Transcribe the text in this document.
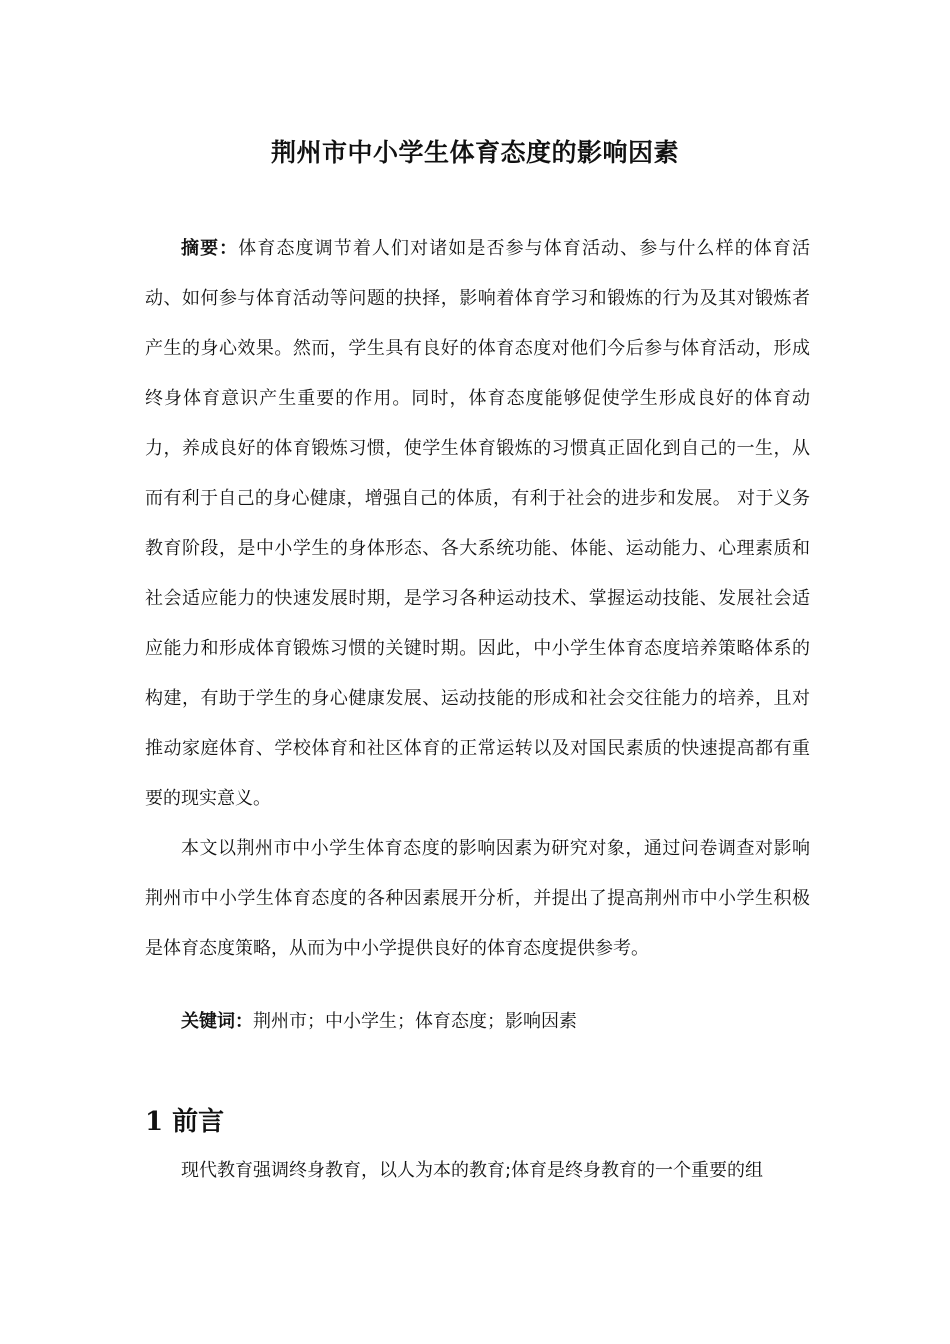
荆州市中小学生体育态度的影响因素

摘要：体育态度调节着人们对诸如是否参与体育活动、参与什么样的体育活动、如何参与体育活动等问题的抉择，影响着体育学习和锻炼的行为及其对锻炼者产生的身心效果。然而，学生具有良好的体育态度对他们今后参与体育活动，形成终身体育意识产生重要的作用。同时，体育态度能够促使学生形成良好的体育动力，养成良好的体育锻炼习惯，使学生体育锻炼的习惯真正固化到自己的一生，从而有利于自己的身心健康，增强自己的体质，有利于社会的进步和发展。 对于义务教育阶段，是中小学生的身体形态、各大系统功能、体能、运动能力、心理素质和社会适应能力的快速发展时期，是学习各种运动技术、掌握运动技能、发展社会适应能力和形成体育锻炼习惯的关键时期。因此，中小学生体育态度培养策略体系的构建，有助于学生的身心健康发展、运动技能的形成和社会交往能力的培养，且对推动家庭体育、学校体育和社区体育的正常运转以及对国民素质的快速提高都有重要的现实意义。

本文以荆州市中小学生体育态度的影响因素为研究对象，通过问卷调查对影响荆州市中小学生体育态度的各种因素展开分析，并提出了提高荆州市中小学生积极是体育态度策略，从而为中小学提供良好的体育态度提供参考。

关键词：荆州市；中小学生；体育态度；影响因素

1 前言

现代教育强调终身教育，以人为本的教育;体育是终身教育的一个重要的组
